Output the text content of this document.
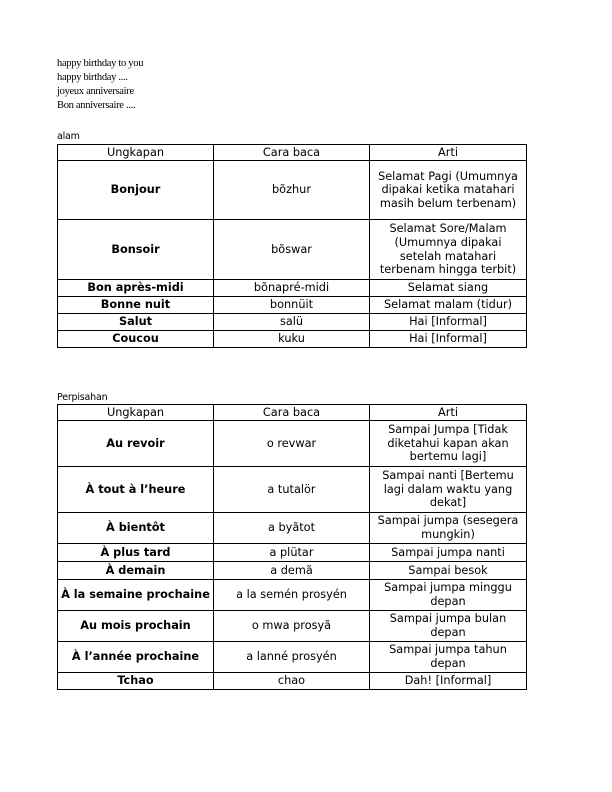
happy birthday to you
happy birthday ....
joyeux anniversaire
Bon anniversaire ....
alam
Ungkapan	Cara baca	Arti
Bonjour	bõzhur	Selamat Pagi (Umumnya dipakai ketika matahari masih belum terbenam)
Bonsoir	bõswar	Selamat Sore/Malam (Umumnya dipakai setelah matahari terbenam hingga terbit)
Bon après-midi	bõnapré-midi	Selamat siang
Bonne nuit	bonnüit	Selamat malam (tidur)
Salut	salü	Hai [Informal]
Coucou	kuku	Hai [Informal]
Perpisahan
Ungkapan	Cara baca	Arti
Au revoir	o revwar	Sampai Jumpa [Tidak diketahui kapan akan bertemu lagi]
À tout à l’heure	a tutalör	Sampai nanti [Bertemu lagi dalam waktu yang dekat]
À bientôt	a byãtot	Sampai jumpa (sesegera mungkin)
À plus tard	a plütar	Sampai jumpa nanti
À demain	a demã	Sampai besok
À la semaine prochaine	a la semén prosyén	Sampai jumpa minggu depan
Au mois prochain	o mwa prosyã	Sampai jumpa bulan depan
À l’année prochaine	a lanné prosyén	Sampai jumpa tahun depan
Tchao	chao	Dah! [Informal]
